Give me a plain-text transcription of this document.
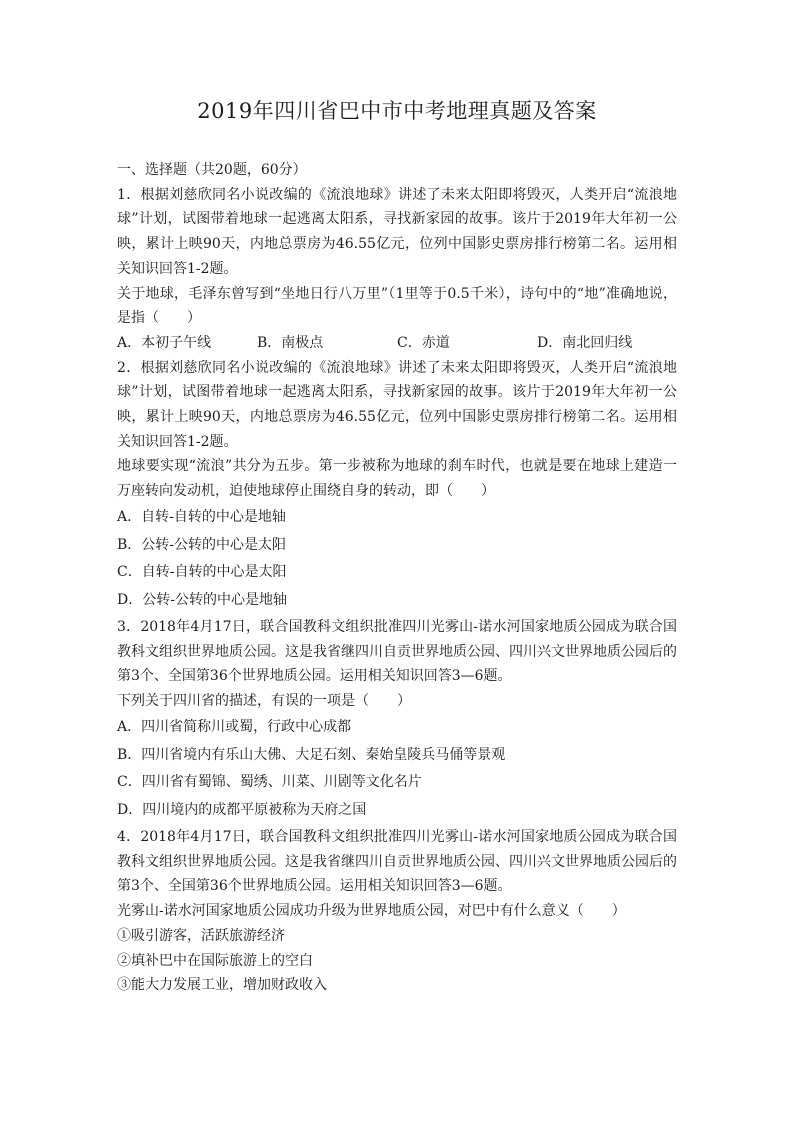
2019年四川省巴中市中考地理真题及答案

一、选择题（共20题，60分）

1．根据刘慈欣同名小说改编的《流浪地球》讲述了未来太阳即将毁灭，人类开启“流浪地球”计划，试图带着地球一起逃离太阳系，寻找新家园的故事。该片于2019年大年初一公映，累计上映90天，内地总票房为46.55亿元，位列中国影史票房排行榜第二名。运用相关知识回答1-2题。

关于地球，毛泽东曾写到“坐地日行八万里”（1里等于0.5千米），诗句中的“地”准确地说，是指（　　）

A．本初子午线	B．南极点	C．赤道	D．南北回归线

2．根据刘慈欣同名小说改编的《流浪地球》讲述了未来太阳即将毁灭，人类开启“流浪地球”计划，试图带着地球一起逃离太阳系，寻找新家园的故事。该片于2019年大年初一公映，累计上映90天，内地总票房为46.55亿元，位列中国影史票房排行榜第二名。运用相关知识回答1-2题。

地球要实现“流浪”共分为五步。第一步被称为地球的刹车时代，也就是要在地球上建造一万座转向发动机，迫使地球停止围绕自身的转动，即（　　）

A．自转-自转的中心是地轴

B．公转-公转的中心是太阳

C．自转-自转的中心是太阳

D．公转-公转的中心是地轴

3．2018年4月17日，联合国教科文组织批准四川光雾山-诺水河国家地质公园成为联合国教科文组织世界地质公园。这是我省继四川自贡世界地质公园、四川兴文世界地质公园后的第3个、全国第36个世界地质公园。运用相关知识回答3—6题。

下列关于四川省的描述，有误的一项是（　　）

A．四川省简称川或蜀，行政中心成都

B．四川省境内有乐山大佛、大足石刻、秦始皇陵兵马俑等景观

C．四川省有蜀锦、蜀绣、川菜、川剧等文化名片

D．四川境内的成都平原被称为天府之国

4．2018年4月17日，联合国教科文组织批准四川光雾山-诺水河国家地质公园成为联合国教科文组织世界地质公园。这是我省继四川自贡世界地质公园、四川兴文世界地质公园后的第3个、全国第36个世界地质公园。运用相关知识回答3—6题。

光雾山-诺水河国家地质公园成功升级为世界地质公园，对巴中有什么意义（　　）

①吸引游客，活跃旅游经济

②填补巴中在国际旅游上的空白

③能大力发展工业，增加财政收入
